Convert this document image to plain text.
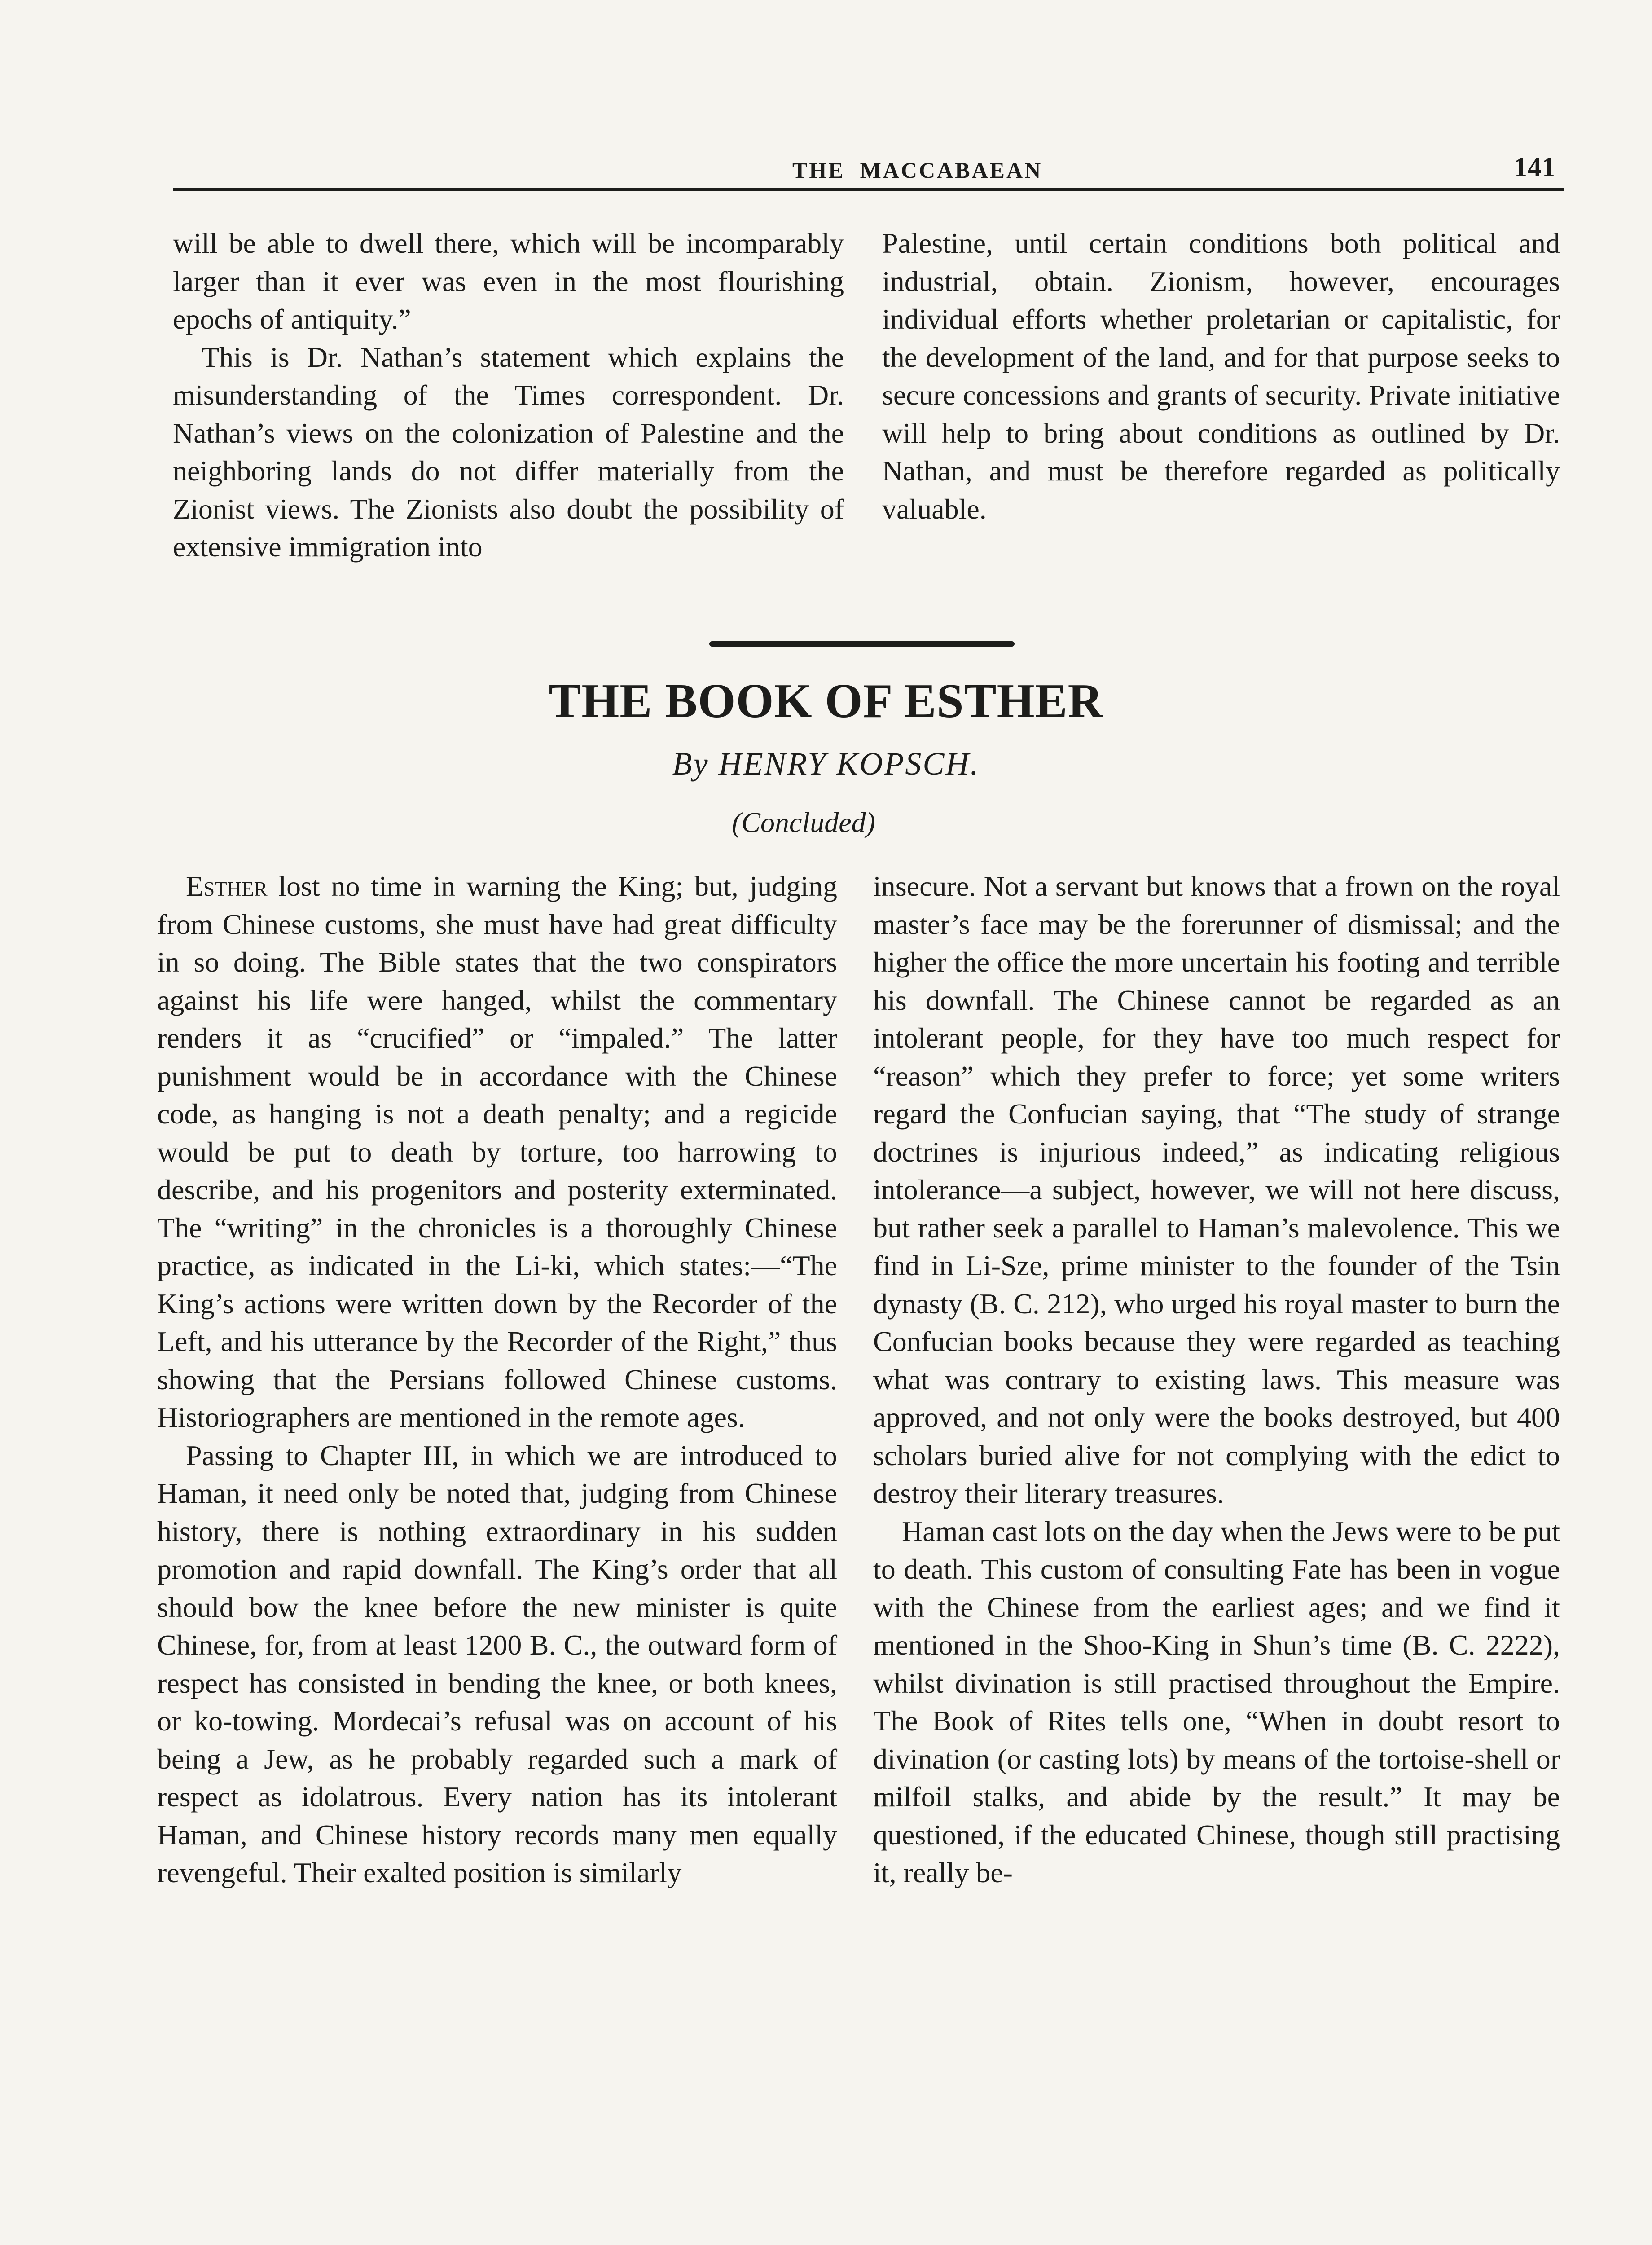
THE  MACCABAEAN	141

will be able to dwell there, which will be incomparably larger than it ever was even in the most flourishing epochs of antiquity.”

This is Dr. Nathan’s statement which explains the misunderstanding of the Times correspondent. Dr. Nathan’s views on the colonization of Palestine and the neighboring lands do not differ materially from the Zionist views. The Zionists also doubt the possibility of extensive immigration into

Palestine, until certain conditions both political and industrial, obtain. Zionism, however, encourages individual efforts whether proletarian or capitalistic, for the development of the land, and for that purpose seeks to secure concessions and grants of security. Private initiative will help to bring about conditions as outlined by Dr. Nathan, and must be therefore regarded as politically valuable.

THE BOOK OF ESTHER
By HENRY KOPSCH.
(Concluded)

Esther lost no time in warning the King; but, judging from Chinese customs, she must have had great difficulty in so doing. The Bible states that the two conspirators against his life were hanged, whilst the commentary renders it as “crucified” or “impaled.” The latter punishment would be in accordance with the Chinese code, as hanging is not a death penalty; and a regicide would be put to death by torture, too harrowing to describe, and his progenitors and posterity exterminated. The “writing” in the chronicles is a thoroughly Chinese practice, as indicated in the Li-ki, which states:—“The King’s actions were written down by the Recorder of the Left, and his utterance by the Recorder of the Right,” thus showing that the Persians followed Chinese customs. Historiographers are mentioned in the remote ages.

Passing to Chapter III, in which we are introduced to Haman, it need only be noted that, judging from Chinese history, there is nothing extraordinary in his sudden promotion and rapid downfall. The King’s order that all should bow the knee before the new minister is quite Chinese, for, from at least 1200 B. C., the outward form of respect has consisted in bending the knee, or both knees, or ko-towing. Mordecai’s refusal was on account of his being a Jew, as he probably regarded such a mark of respect as idolatrous. Every nation has its intolerant Haman, and Chinese history records many men equally revengeful. Their exalted position is similarly

insecure. Not a servant but knows that a frown on the royal master’s face may be the forerunner of dismissal; and the higher the office the more uncertain his footing and terrible his downfall. The Chinese cannot be regarded as an intolerant people, for they have too much respect for “reason” which they prefer to force; yet some writers regard the Confucian saying, that “The study of strange doctrines is injurious indeed,” as indicating religious intolerance—a subject, however, we will not here discuss, but rather seek a parallel to Haman’s malevolence. This we find in Li-Sze, prime minister to the founder of the Tsin dynasty (B. C. 212), who urged his royal master to burn the Confucian books because they were regarded as teaching what was contrary to existing laws. This measure was approved, and not only were the books destroyed, but 400 scholars buried alive for not complying with the edict to destroy their literary treasures.

Haman cast lots on the day when the Jews were to be put to death. This custom of consulting Fate has been in vogue with the Chinese from the earliest ages; and we find it mentioned in the Shoo-King in Shun’s time (B. C. 2222), whilst divination is still practised throughout the Empire. The Book of Rites tells one, “When in doubt resort to divination (or casting lots) by means of the tortoise-shell or milfoil stalks, and abide by the result.” It may be questioned, if the educated Chinese, though still practising it, really be-
